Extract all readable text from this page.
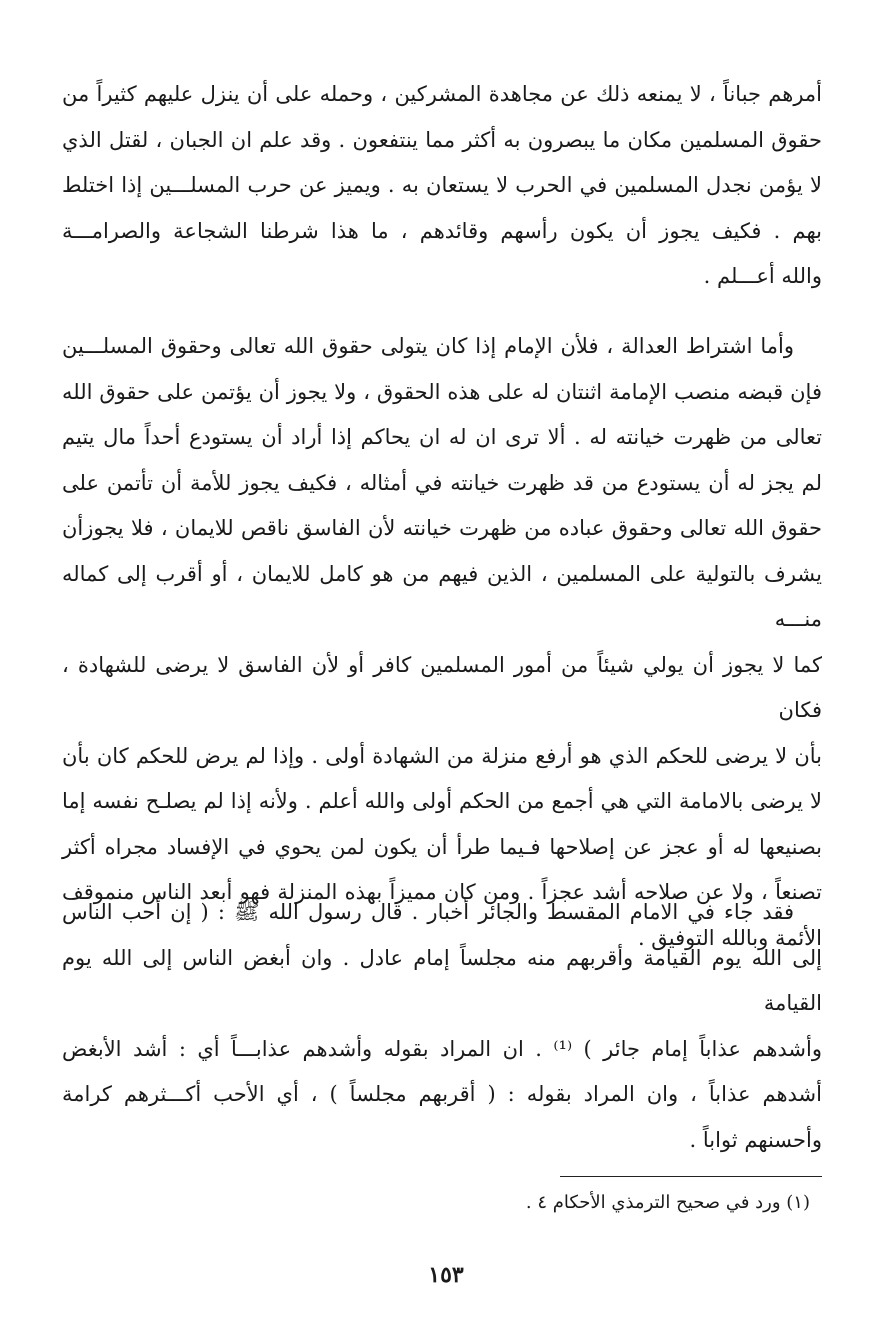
أمرهم جباناً ، لا يمنعه ذلك عن مجاهدة المشركين ، وحمله على أن ينزل عليهم كثيراً من

حقوق المسلمين مكان ما يبصرون به أكثر مما ينتفعون . وقد علم ان الجبان ، لقتل الذي

لا يؤمن نجدل المسلمين في الحرب لا يستعان به . ويميز عن حرب المسلـــين إذا اختلط

بهم . فكيف يجوز أن يكون رأسهم وقائدهم ، ما هذا شرطنا الشجاعة والصرامـــة

والله أعـــلم .

وأما اشتراط العدالة ، فلأن الإمام إذا كان يتولى حقوق الله تعالى وحقوق المسلـــين

فإن قبضه منصب الإمامة اثنتان له على هذه الحقوق ، ولا يجوز أن يؤتمن على حقوق الله

تعالى من ظهرت خيانته له . ألا ترى ان له ان يحاكم إذا أراد أن يستودع أحداً مال يتيم

لم يجز له أن يستودع من قد ظهرت خيانته في أمثاله ، فكيف يجوز للأمة أن تأتمن على

حقوق الله تعالى وحقوق عباده من ظهرت خيانته لأن الفاسق ناقص للايمان ، فلا يجوزأن

يشرف بالتولية على المسلمين ، الذين فيهم من هو كامل للايمان ، أو أقرب إلى كماله منـــه

كما لا يجوز أن يولي شيئاً من أمور المسلمين كافر أو لأن الفاسق لا يرضى للشهادة ، فكان

بأن لا يرضى للحكم الذي هو أرفع منزلة من الشهادة أولى . وإذا لم يرض للحكم كان بأن

لا يرضى بالامامة التي هي أجمع من الحكم أولى والله أعلم . ولأنه إذا لم يصلـح نفسه إما

بصنيعها له أو عجز عن إصلاحها فـيما طرأ أن يكون لمن يحوي في الإفساد مجراه أكثر

تصنعاً ، ولا عن صلاحه أشد عجزاً . ومن كان مميزاً بهذه المنزلة فهو أبعد الناس منموقف

الأئمة وبالله التوفيق .

فقد جاء في الامام المقسط والجائر أخبار . قال رسول الله ﷺ : ( إن أحب الناس

إلى الله يوم القيامة وأقربهم منه مجلساً إمام عادل . وان أبغض الناس إلى الله يوم القيامة

وأشدهم عذاباً إمام جائر ) ⁽¹⁾ . ان المراد بقوله وأشدهم عذابـــاً أي : أشد الأبغض

أشدهم عذاباً ، وان المراد بقوله : ( أقربهم مجلساً ) ، أي الأحب أكـــثرهم كرامة

وأحسنهم ثواباً .

(١) ورد في صحيح الترمذي الأحكام ٤ .
١٥٣
